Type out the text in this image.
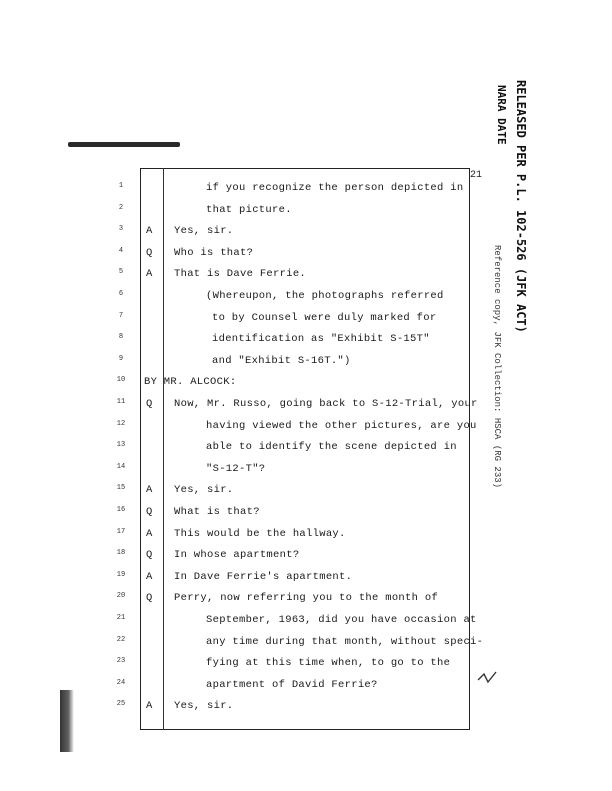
RELEASED PER P.L. 102-526 (JFK ACT)
NARA DATE
21
Reference copy, JFK Collection: HSCA (RG 233)
1	if you recognize the person depicted in
2	that picture.
3	A Yes, sir.
4	Q Who is that?
5	A That is Dave Ferrie.
6	(Whereupon, the photographs referred
7	to by Counsel were duly marked for
8	identification as "Exhibit S-15T"
9	and "Exhibit S-16T.")
10	BY MR. ALCOCK:
11	Q Now, Mr. Russo, going back to S-12-Trial, your
12	having viewed the other pictures, are you
13	able to identify the scene depicted in
14	"S-12-T"?
15	A Yes, sir.
16	Q What is that?
17	A This would be the hallway.
18	Q In whose apartment?
19	A In Dave Ferrie's apartment.
20	Q Perry, now referring you to the month of
21	September, 1963, did you have occasion at
22	any time during that month, without speci-
23	fying at this time when, to go to the
24	apartment of David Ferrie?
25	A Yes, sir.
